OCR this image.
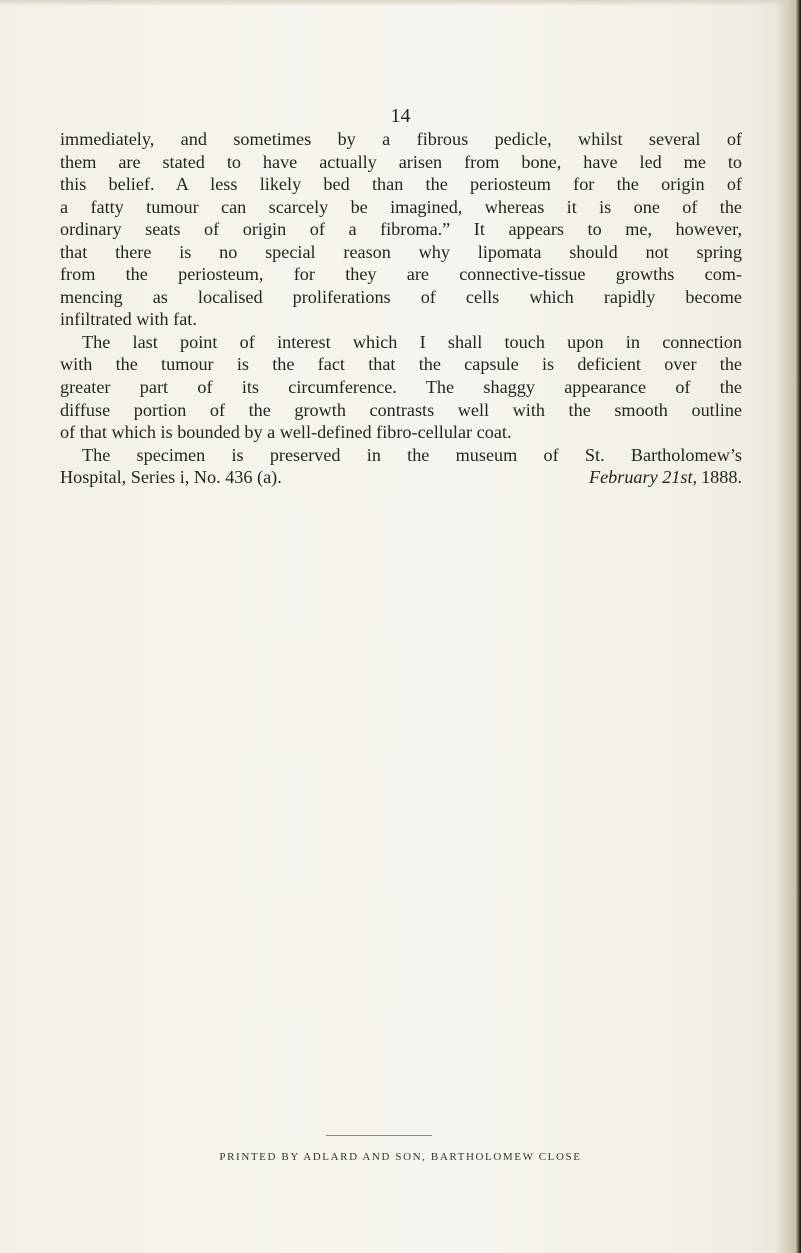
14
immediately, and sometimes by a fibrous pedicle, whilst several of
them are stated to have actually arisen from bone, have led me to
this belief. A less likely bed than the periosteum for the origin of
a fatty tumour can scarcely be imagined, whereas it is one of the
ordinary seats of origin of a fibroma.” It appears to me, however,
that there is no special reason why lipomata should not spring
from the periosteum, for they are connective-tissue growths com-
mencing as localised proliferations of cells which rapidly become
infiltrated with fat.
The last point of interest which I shall touch upon in connection
with the tumour is the fact that the capsule is deficient over the
greater part of its circumference. The shaggy appearance of the
diffuse portion of the growth contrasts well with the smooth outline
of that which is bounded by a well-defined fibro-cellular coat.
The specimen is preserved in the museum of St. Bartholomew’s
Hospital, Series i, No. 436 (a).	February 21st, 1888.
PRINTED BY ADLARD AND SON, BARTHOLOMEW CLOSE
